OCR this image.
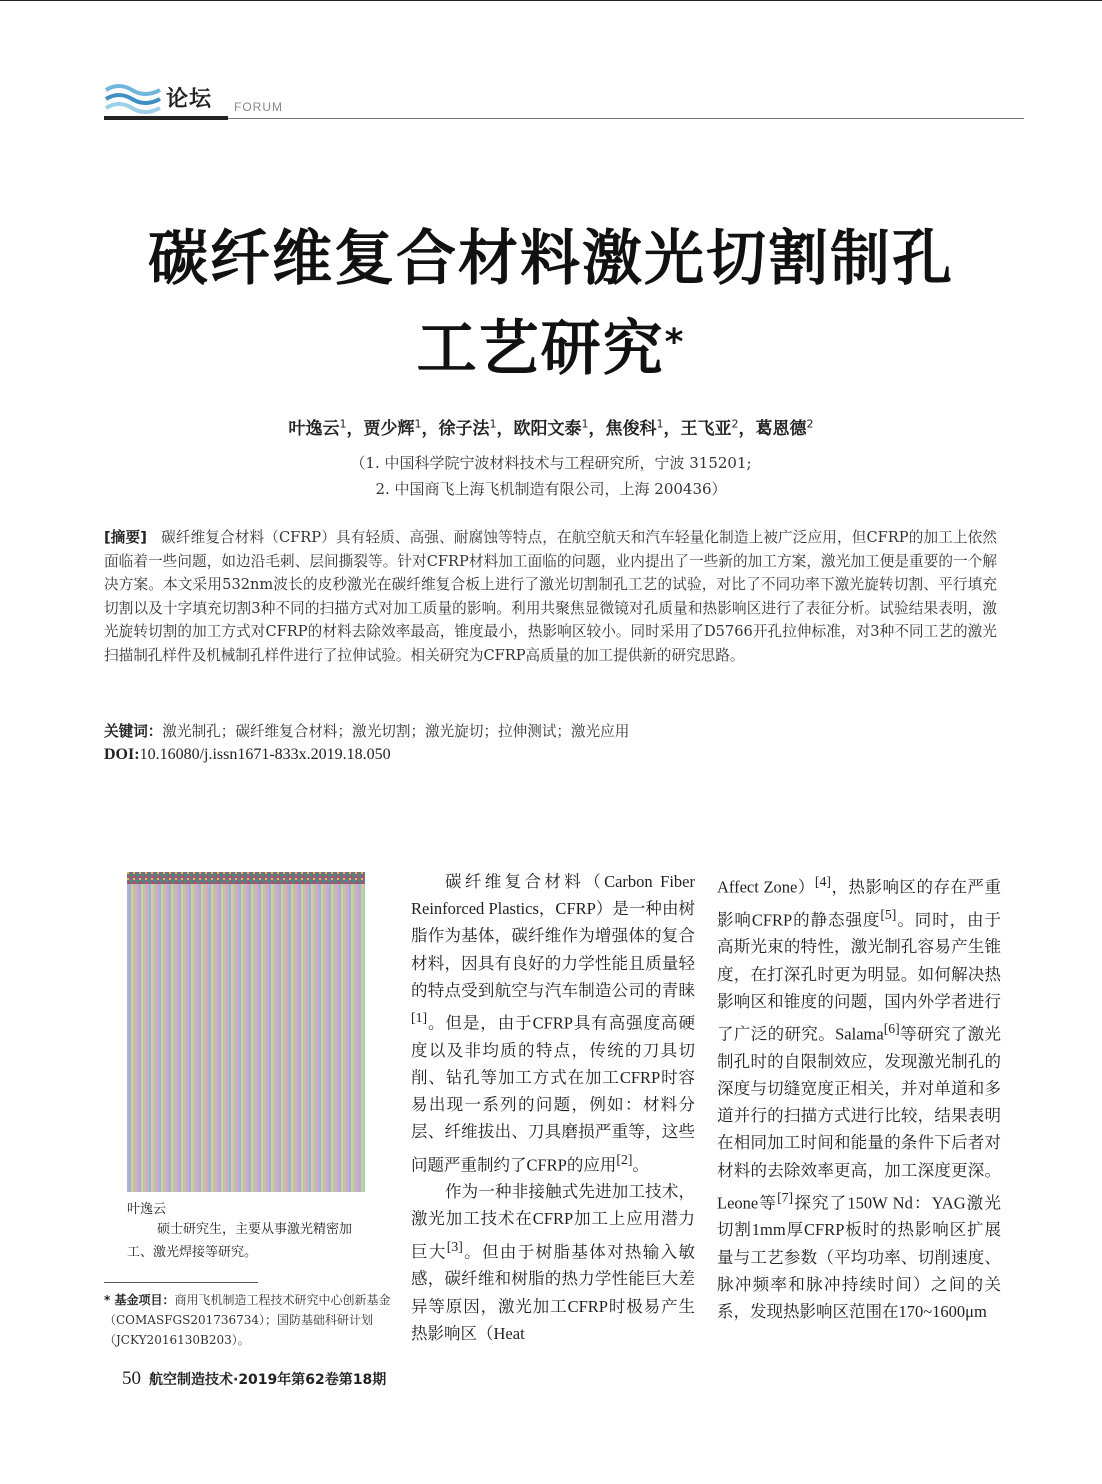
论坛 FORUM
碳纤维复合材料激光切割制孔
工艺研究*
叶逸云$^1$，贾少辉$^1$，徐子法$^1$，欧阳文泰$^1$，焦俊科$^1$，王飞亚$^2$，葛恩德$^2$
（1. 中国科学院宁波材料技术与工程研究所，宁波 315201;
2. 中国商飞上海飞机制造有限公司，上海 200436）
[摘要] 碳纤维复合材料（CFRP）具有轻质、高强、耐腐蚀等特点，在航空航天和汽车轻量化制造上被广泛应用，但CFRP的加工上依然面临着一些问题，如边沿毛刺、层间撕裂等。针对CFRP材料加工面临的问题，业内提出了一些新的加工方案，激光加工便是重要的一个解决方案。本文采用532nm波长的皮秒激光在碳纤维复合板上进行了激光切割制孔工艺的试验，对比了不同功率下激光旋转切割、平行填充切割以及十字填充切割3种不同的扫描方式对加工质量的影响。利用共聚焦显微镜对孔质量和热影响区进行了表征分析。试验结果表明，激光旋转切割的加工方式对CFRP的材料去除效率最高，锥度最小，热影响区较小。同时采用了D5766开孔拉伸标准，对3种不同工艺的激光扫描制孔样件及机械制孔样件进行了拉伸试验。相关研究为CFRP高质量的加工提供新的研究思路。
关键词：激光制孔；碳纤维复合材料；激光切割；激光旋切；拉伸测试；激光应用
DOI:10.16080/j.issn1671-833x.2019.18.050
叶逸云
硕士研究生，主要从事激光精密加工、激光焊接等研究。
* 基金项目：商用飞机制造工程技术研究中心创新基金（COMASFGS201736734）；国防基础科研计划（JCKY2016130B203）。

碳纤维复合材料（Carbon Fiber Reinforced Plastics，CFRP）是一种由树脂作为基体，碳纤维作为增强体的复合材料，因具有良好的力学性能且质量轻的特点受到航空与汽车制造公司的青睐[1]。但是，由于CFRP具有高强度高硬度以及非均质的特点，传统的刀具切削、钻孔等加工方式在加工CFRP时容易出现一系列的问题，例如：材料分层、纤维拔出、刀具磨损严重等，这些问题严重制约了CFRP的应用[2]。

作为一种非接触式先进加工技术，激光加工技术在CFRP加工上应用潜力巨大[3]。但由于树脂基体对热输入敏感，碳纤维和树脂的热力学性能巨大差异等原因，激光加工CFRP时极易产生热影响区（Heat

Affect Zone）[4]，热影响区的存在严重影响CFRP的静态强度[5]。同时，由于高斯光束的特性，激光制孔容易产生锥度，在打深孔时更为明显。如何解决热影响区和锥度的问题，国内外学者进行了广泛的研究。Salama[6]等研究了激光制孔时的自限制效应，发现激光制孔的深度与切缝宽度正相关，并对单道和多道并行的扫描方式进行比较，结果表明在相同加工时间和能量的条件下后者对材料的去除效率更高，加工深度更深。Leone等[7]探究了150W Nd：YAG激光切割1mm厚CFRP板时的热影响区扩展量与工艺参数（平均功率、切削速度、脉冲频率和脉冲持续时间）之间的关系，发现热影响区范围在170~1600μm

50 航空制造技术·2019年第62卷第18期
